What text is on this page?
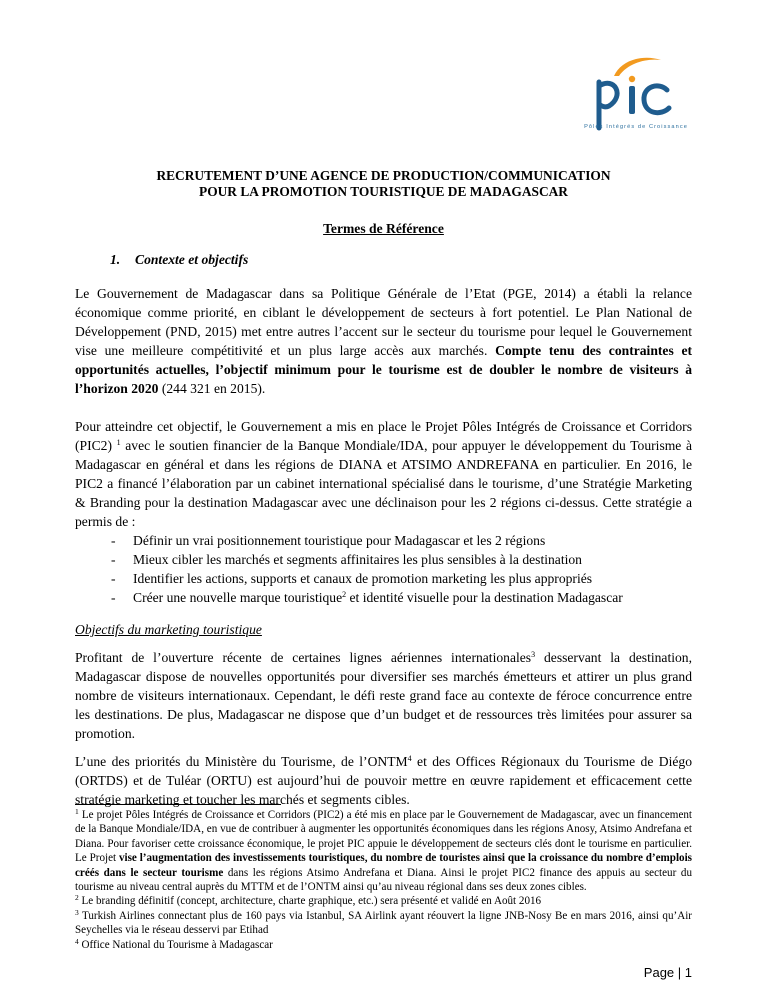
Pôles Intégrés de Croissance

RECRUTEMENT D’UNE AGENCE DE PRODUCTION/COMMUNICATION
POUR LA PROMOTION TOURISTIQUE DE MADAGASCAR

Termes de Référence
1. Contexte et objectifs

Le Gouvernement de Madagascar dans sa Politique Générale de l’Etat (PGE, 2014) a établi la relance économique comme priorité, en ciblant le développement de secteurs à fort potentiel. Le Plan National de Développement (PND, 2015) met entre autres l’accent sur le secteur du tourisme pour lequel le Gouvernement vise une meilleure compétitivité et un plus large accès aux marchés. Compte tenu des contraintes et opportunités actuelles, l’objectif minimum pour le tourisme est de doubler le nombre de visiteurs à l’horizon 2020 (244 321 en 2015).

Pour atteindre cet objectif, le Gouvernement a mis en place le Projet Pôles Intégrés de Croissance et Corridors (PIC2) $^1$ avec le soutien financier de la Banque Mondiale/IDA, pour appuyer le développement du Tourisme à Madagascar en général et dans les régions de DIANA et ATSIMO ANDREFANA en particulier. En 2016, le PIC2 a financé l’élaboration par un cabinet international spécialisé dans le tourisme, d’une Stratégie Marketing & Branding pour la destination Madagascar avec une déclinaison pour les 2 régions ci-dessus. Cette stratégie a permis de :

- Définir un vrai positionnement touristique pour Madagascar et les 2 régions
- Mieux cibler les marchés et segments affinitaires les plus sensibles à la destination
- Identifier les actions, supports et canaux de promotion marketing les plus appropriés
- Créer une nouvelle marque touristique$^2$ et identité visuelle pour la destination Madagascar
Objectifs du marketing touristique

Profitant de l’ouverture récente de certaines lignes aériennes internationales$^3$ desservant la destination, Madagascar dispose de nouvelles opportunités pour diversifier ses marchés émetteurs et attirer un plus grand nombre de visiteurs internationaux. Cependant, le défi reste grand face au contexte de féroce concurrence entre les destinations. De plus, Madagascar ne dispose que d’un budget et de ressources très limitées pour assurer sa promotion.

L’une des priorités du Ministère du Tourisme, de l’ONTM$^4$ et des Offices Régionaux du Tourisme de Diégo (ORTDS) et de Tuléar (ORTU) est aujourd’hui de pouvoir mettre en œuvre rapidement et efficacement cette stratégie marketing et toucher les marchés et segments cibles.

$^1$ Le projet Pôles Intégrés de Croissance et Corridors (PIC2) a été mis en place par le Gouvernement de Madagascar, avec un financement de la Banque Mondiale/IDA, en vue de contribuer à augmenter les opportunités économiques dans les régions Anosy, Atsimo Andrefana et Diana. Pour favoriser cette croissance économique, le projet PIC appuie le développement de secteurs clés dont le tourisme en particulier. Le Projet vise l’augmentation des investissements touristiques, du nombre de touristes ainsi que la croissance du nombre d’emplois créés dans le secteur tourisme dans les régions Atsimo Andrefana et Diana. Ainsi le projet PIC2 finance des appuis au secteur du tourisme au niveau central auprès du MTTM et de l’ONTM ainsi qu’au niveau régional dans ses deux zones cibles.

$^2$ Le branding définitif (concept, architecture, charte graphique, etc.) sera présenté et validé en Août 2016

$^3$ Turkish Airlines connectant plus de 160 pays via Istanbul, SA Airlink ayant réouvert la ligne JNB-Nosy Be en mars 2016, ainsi qu’Air Seychelles via le réseau desservi par Etihad

$^4$ Office National du Tourisme à Madagascar

Page | 1
